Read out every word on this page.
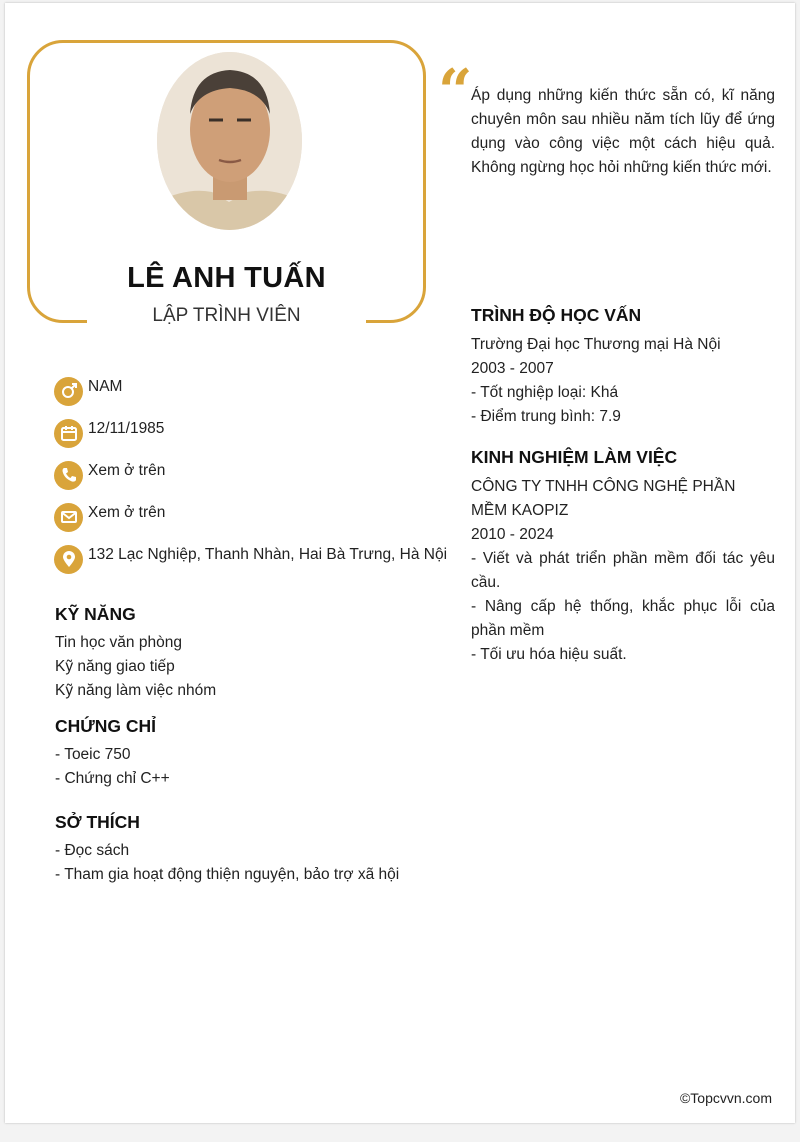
LÊ ANH TUẤN
LẬP TRÌNH VIÊN
“
Áp dụng những kiến thức sẵn có, kĩ năng chuyên môn sau nhiều năm tích lũy để ứng dụng vào công việc một cách hiệu quả. Không ngừng học hỏi những kiến thức mới.
NAM
12/11/1985
Xem ở trên
Xem ở trên
132 Lạc Nghiệp, Thanh Nhàn, Hai Bà Trưng, Hà Nội
KỸ NĂNG
Tin học văn phòng
Kỹ năng giao tiếp
Kỹ năng làm việc nhóm
CHỨNG CHỈ
- Toeic 750
- Chứng chỉ C++
SỞ THÍCH
- Đọc sách
- Tham gia hoạt động thiện nguyện, bảo trợ xã hội
TRÌNH ĐỘ HỌC VẤN
Trường Đại học Thương mại Hà Nội
2003 - 2007
- Tốt nghiệp loại: Khá
- Điểm trung bình: 7.9
KINH NGHIỆM LÀM VIỆC
CÔNG TY TNHH CÔNG NGHỆ PHẦN MỀM KAOPIZ
2010 - 2024
- Viết và phát triển phần mềm đối tác yêu cầu.
- Nâng cấp hệ thống, khắc phục lỗi của phần mềm
- Tối ưu hóa hiệu suất.
©Topcvvn.com
